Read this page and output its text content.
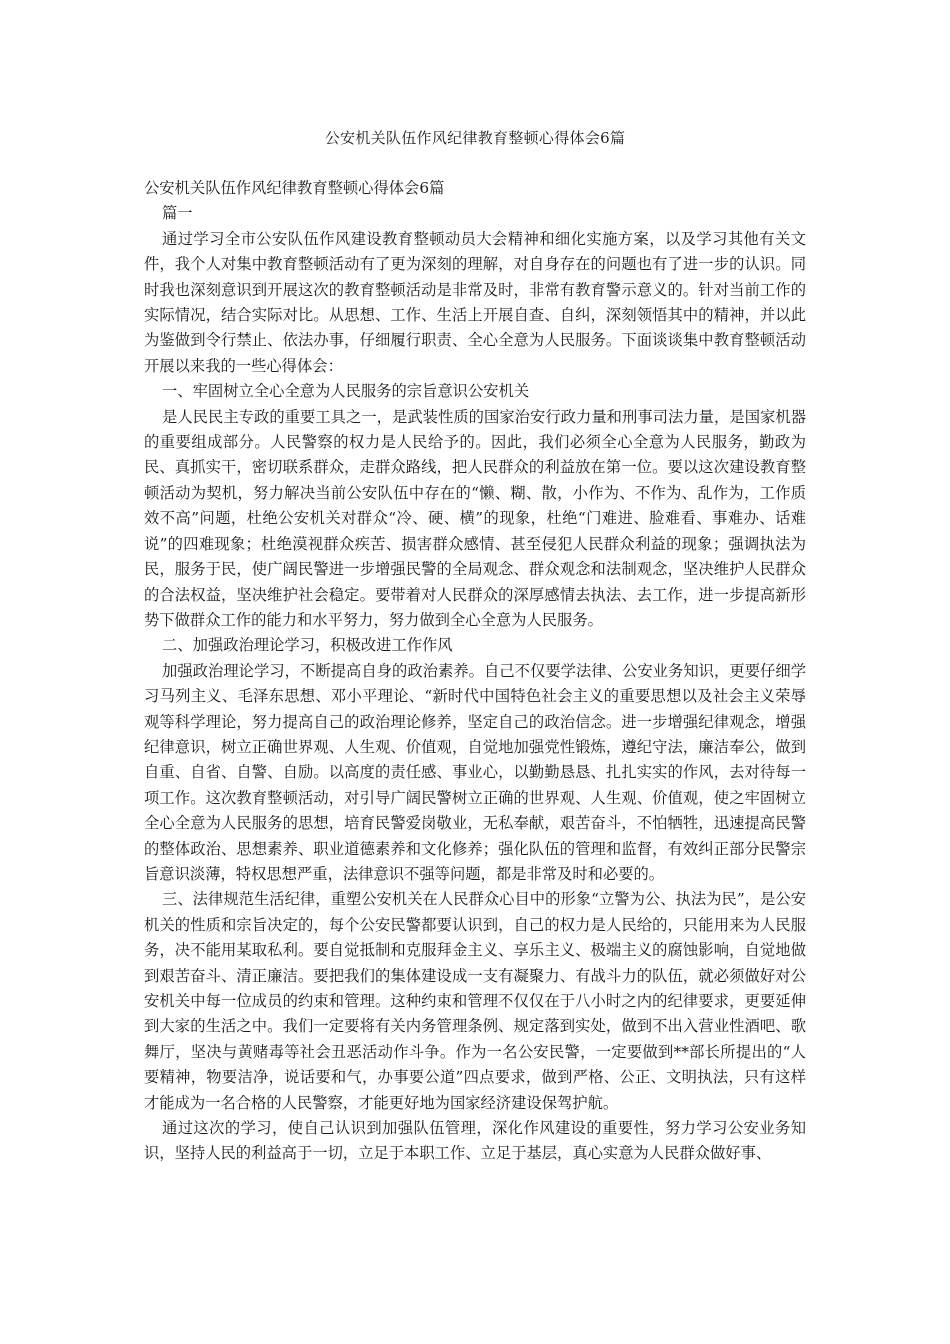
公安机关队伍作风纪律教育整顿心得体会6篇

公安机关队伍作风纪律教育整顿心得体会6篇

篇一

通过学习全市公安队伍作风建设教育整顿动员大会精神和细化实施方案，以及学习其他有关文件，我个人对集中教育整顿活动有了更为深刻的理解，对自身存在的问题也有了进一步的认识。同时我也深刻意识到开展这次的教育整顿活动是非常及时，非常有教育警示意义的。针对当前工作的实际情况，结合实际对比。从思想、工作、生活上开展自查、自纠，深刻领悟其中的精神，并以此为鉴做到令行禁止、依法办事，仔细履行职责、全心全意为人民服务。下面谈谈集中教育整顿活动开展以来我的一些心得体会：

一、牢固树立全心全意为人民服务的宗旨意识公安机关

是人民民主专政的重要工具之一，是武装性质的国家治安行政力量和刑事司法力量，是国家机器的重要组成部分。人民警察的权力是人民给予的。因此，我们必须全心全意为人民服务，勤政为民、真抓实干，密切联系群众，走群众路线，把人民群众的利益放在第一位。要以这次建设教育整顿活动为契机，努力解决当前公安队伍中存在的“懒、糊、散，小作为、不作为、乱作为，工作质效不高”问题，杜绝公安机关对群众“冷、硬、横”的现象，杜绝“门难进、脸难看、事难办、话难说”的四难现象；杜绝漠视群众疾苦、损害群众感情、甚至侵犯人民群众利益的现象；强调执法为民，服务于民，使广阔民警进一步增强民警的全局观念、群众观念和法制观念，坚决维护人民群众的合法权益，坚决维护社会稳定。要带着对人民群众的深厚感情去执法、去工作，进一步提高新形势下做群众工作的能力和水平努力，努力做到全心全意为人民服务。

二、加强政治理论学习，积极改进工作作风

加强政治理论学习，不断提高自身的政治素养。自己不仅要学法律、公安业务知识，更要仔细学习马列主义、毛泽东思想、邓小平理论、“新时代中国特色社会主义的重要思想以及社会主义荣辱观等科学理论，努力提高自己的政治理论修养，坚定自己的政治信念。进一步增强纪律观念，增强纪律意识，树立正确世界观、人生观、价值观，自觉地加强党性锻炼，遵纪守法，廉洁奉公，做到自重、自省、自警、自励。以高度的责任感、事业心，以勤勤恳恳、扎扎实实的作风，去对待每一项工作。这次教育整顿活动，对引导广阔民警树立正确的世界观、人生观、价值观，使之牢固树立全心全意为人民服务的思想，培育民警爱岗敬业，无私奉献，艰苦奋斗，不怕牺牲，迅速提高民警的整体政治、思想素养、职业道德素养和文化修养；强化队伍的管理和监督，有效纠正部分民警宗旨意识淡薄，特权思想严重，法律意识不强等问题，都是非常及时和必要的。

三、法律规范生活纪律，重塑公安机关在人民群众心目中的形象“立警为公、执法为民”，是公安机关的性质和宗旨决定的，每个公安民警都要认识到，自己的权力是人民给的，只能用来为人民服务，决不能用某取私利。要自觉抵制和克服拜金主义、享乐主义、极端主义的腐蚀影响，自觉地做到艰苦奋斗、清正廉洁。要把我们的集体建设成一支有凝聚力、有战斗力的队伍，就必须做好对公安机关中每一位成员的约束和管理。这种约束和管理不仅仅在于八小时之内的纪律要求，更要延伸到大家的生活之中。我们一定要将有关内务管理条例、规定落到实处，做到不出入营业性酒吧、歌舞厅，坚决与黄赌毒等社会丑恶活动作斗争。作为一名公安民警，一定要做到**部长所提出的“人要精神，物要洁净，说话要和气，办事要公道”四点要求，做到严格、公正、文明执法，只有这样才能成为一名合格的人民警察，才能更好地为国家经济建设保驾护航。

通过这次的学习，使自己认识到加强队伍管理，深化作风建设的重要性，努力学习公安业务知识，坚持人民的利益高于一切，立足于本职工作、立足于基层，真心实意为人民群众做好事、
